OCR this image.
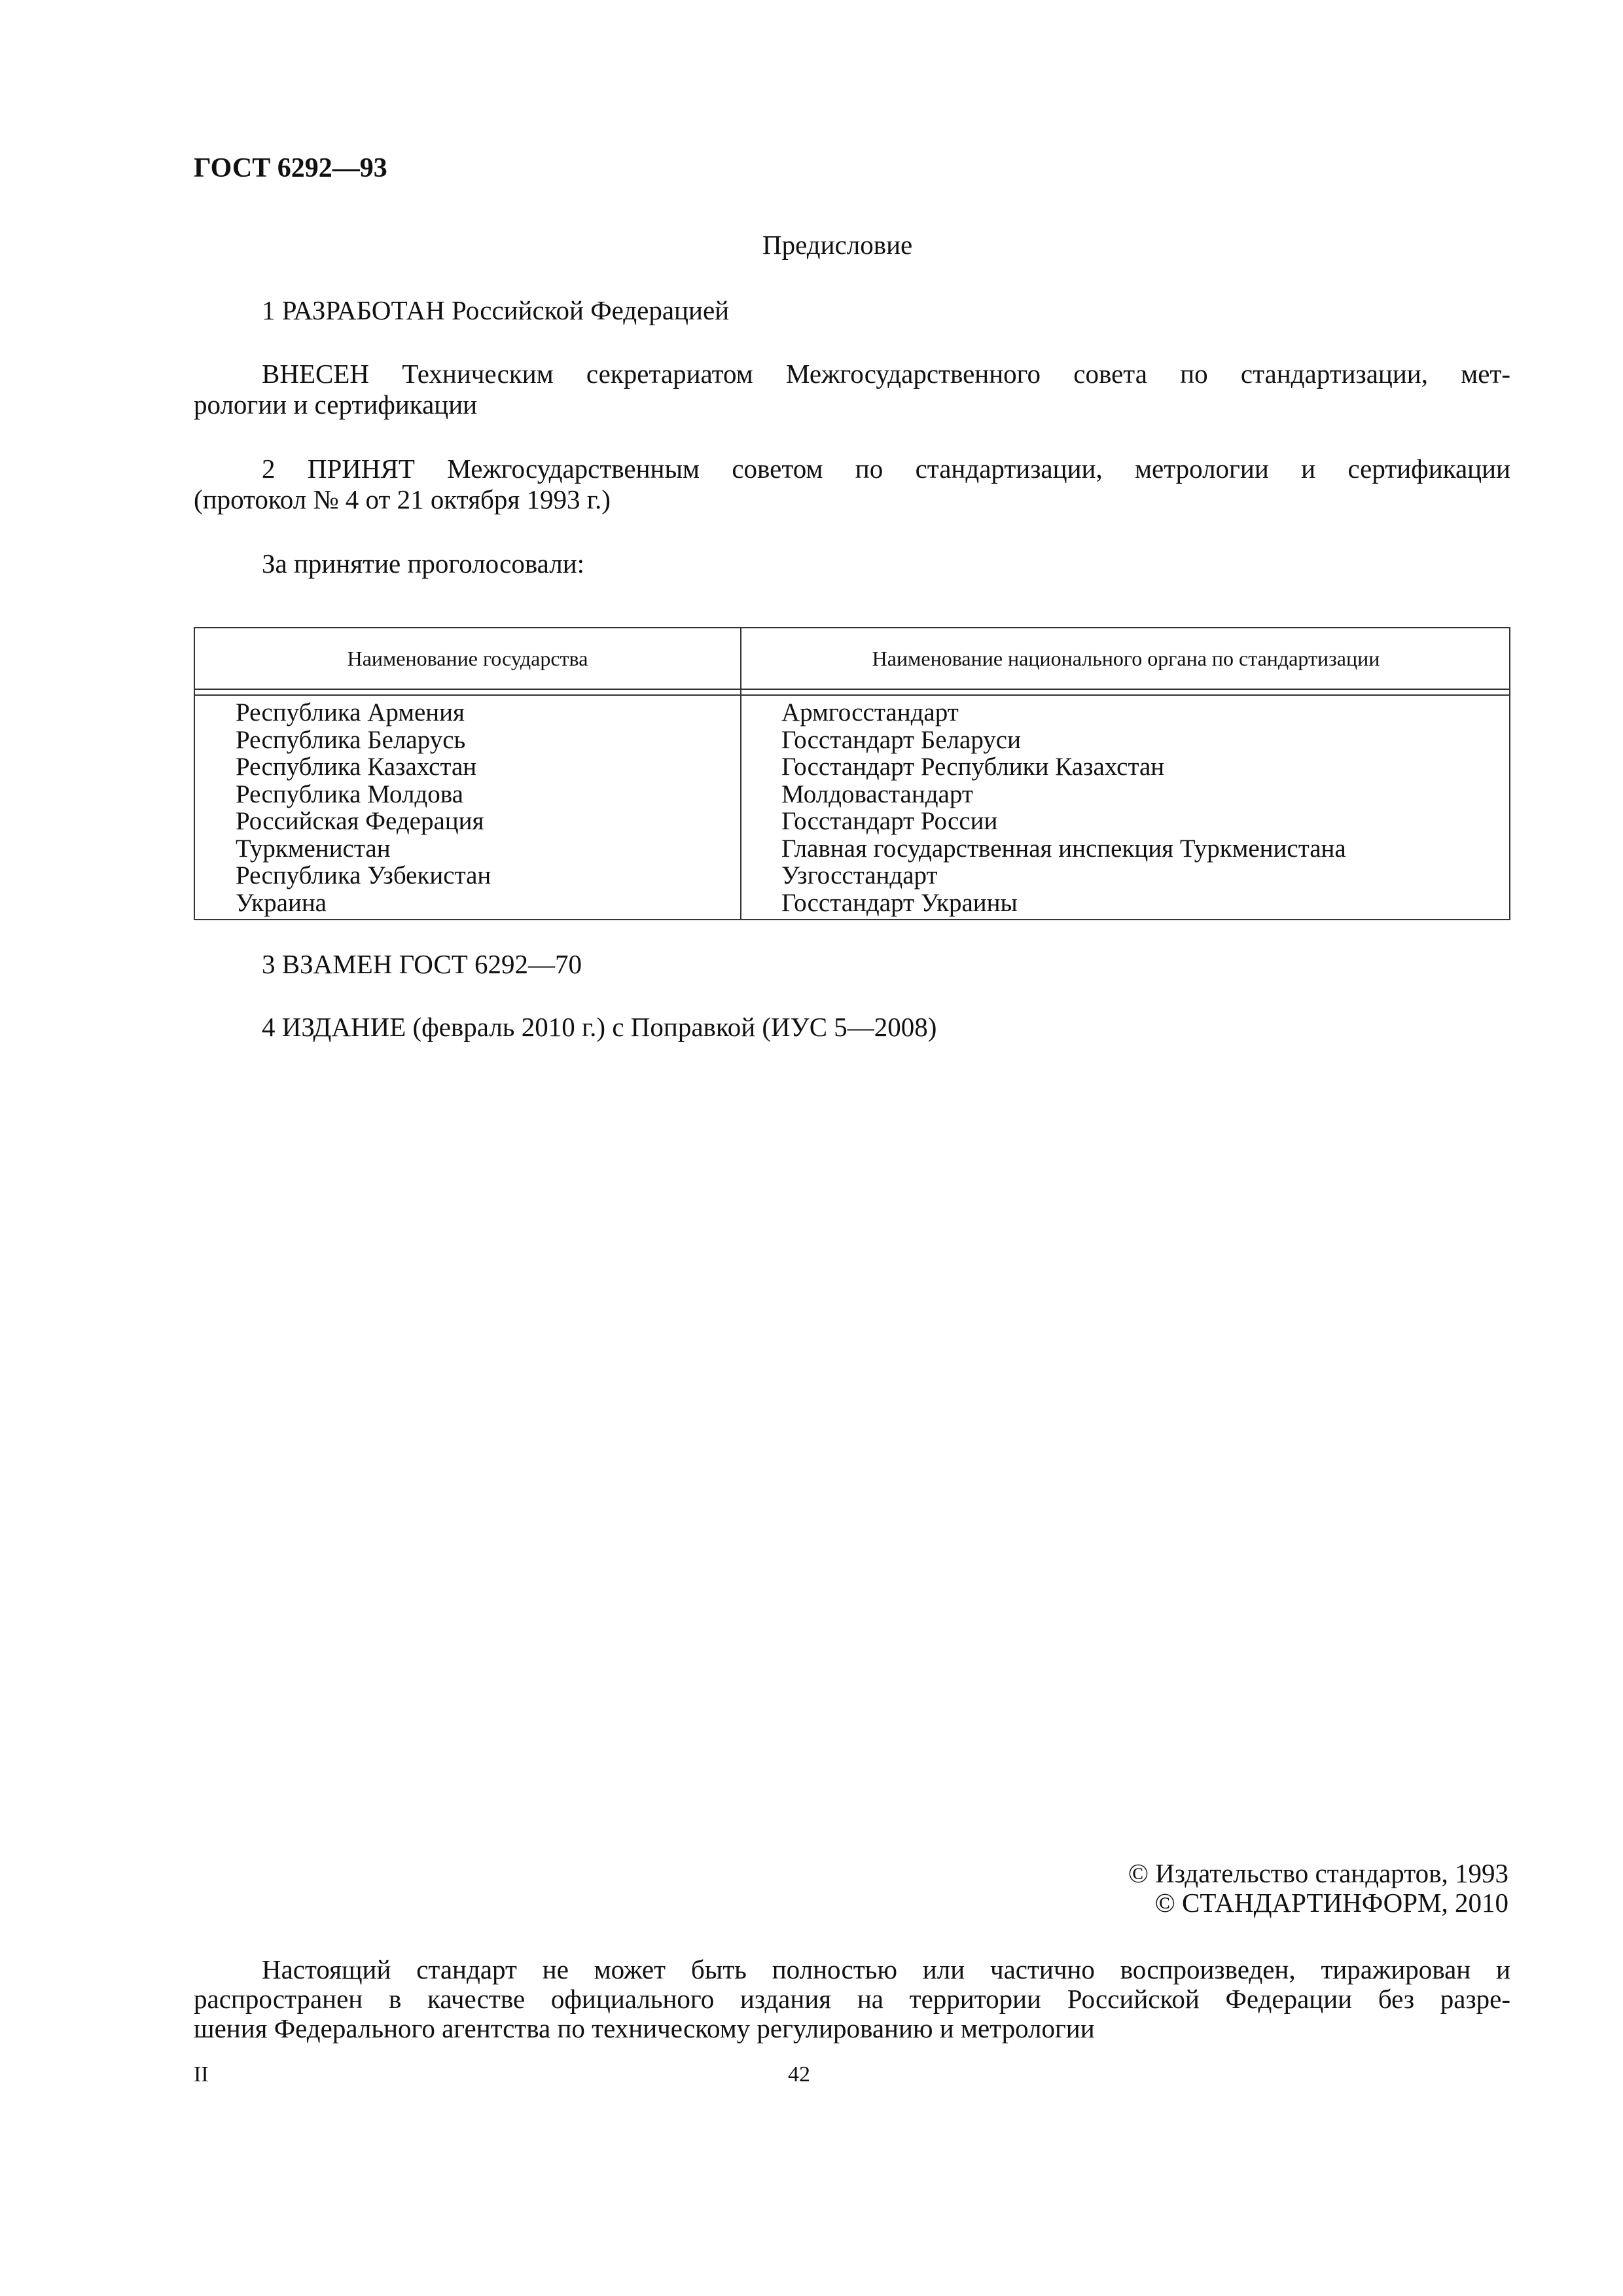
ГОСТ 6292—93
Предисловие
1 РАЗРАБОТАН Российской Федерацией
ВНЕСЕН Техническим секретариатом Межгосударственного совета по стандартизации, мет-
рологии и сертификации
2 ПРИНЯТ Межгосударственным советом по стандартизации, метрологии и сертификации
(протокол № 4 от 21 октября 1993 г.)
За принятие проголосовали:
Наименование государства	Наименование национального органа по стандартизации
Республика Армения
Республика Беларусь
Республика Казахстан
Республика Молдова
Российская Федерация
Туркменистан
Республика Узбекистан
Украина
Армгосстандарт
Госстандарт Беларуси
Госстандарт Республики Казахстан
Молдовастандарт
Госстандарт России
Главная государственная инспекция Туркменистана
Узгосстандарт
Госстандарт Украины
3 ВЗАМЕН ГОСТ 6292—70
4 ИЗДАНИЕ (февраль 2010 г.) с Поправкой (ИУС 5—2008)
© Издательство стандартов, 1993
© СТАНДАРТИНФОРМ, 2010
Настоящий стандарт не может быть полностью или частично воспроизведен, тиражирован и
распространен в качестве официального издания на территории Российской Федерации без разре-
шения Федерального агентства по техническому регулированию и метрологии
II	42
